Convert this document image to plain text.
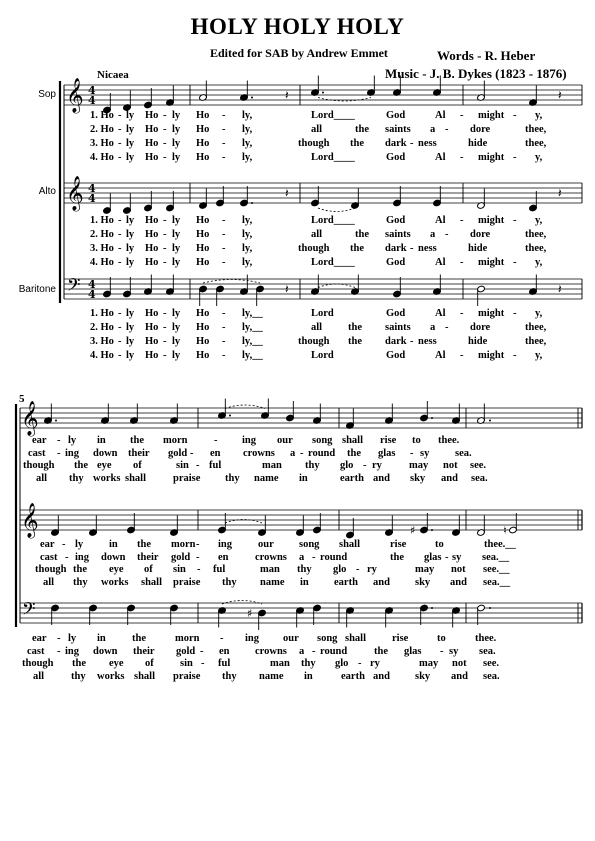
HOLY HOLY HOLY
Edited for SAB by Andrew Emmet	Words - R. Heber
Music - J. B. Dykes (1823 - 1876)
Nicaea
Sop
Alto
Baritone
5
𝄞
𝄞
𝄢
4
4
4
4
4
4
𝄽	𝄽
𝄽	𝄽
𝄽	𝄽
𝄞
𝄞
𝄢
♯	♮
♯
1. Ho - ly Ho - ly Ho - ly,	Lord____	God	Al - might - y,
2. Ho - ly Ho - ly Ho - ly,	all	the saints a - dore	thee,
3. Ho - ly Ho - ly Ho - ly,	though the dark - ness	hide	thee,
4. Ho - ly Ho - ly Ho - ly,	Lord____	God	Al - might - y,
1. Ho - ly Ho - ly Ho - ly,	Lord____	God	Al - might - y,
2. Ho - ly Ho - ly Ho - ly,	all	the saints a - dore	thee,
3. Ho - ly Ho - ly Ho - ly,	though the dark - ness	hide	thee,
4. Ho - ly Ho - ly Ho - ly,	Lord____	God	Al - might - y,
1. Ho - ly Ho - ly Ho - ly,__	Lord	God	Al - might - y,
2. Ho - ly Ho - ly Ho - ly,__	all the saints a - dore	thee,
3. Ho - ly Ho - ly Ho - ly,__	though the dark - ness	hide	thee,
4. Ho - ly Ho - ly Ho - ly,__	Lord	God	Al - might - y,
ear - ly in the morn	- ing our song shall rise to thee.
cast - ing down their gold - en crowns a - round the glas - sy sea.
though the eye of	sin - ful	man thy glo - ry	may not see.
all thy works shall	praise thy name in	earth and sky and sea.
ear - ly in the morn - ing our song shall	rise	to	thee.__
cast - ing down their gold - en	crowns a - round	the glas - sy sea.__
though the eye of sin - ful	man thy glo - ry	may not see.__
all thy works shall praise thy name in earth and sky and sea.__
ear - ly in the	morn - ing our song shall rise	to	thee.
cast - ing down their gold - en crowns a - round	the glas - sy sea.
though the eye of	sin - ful	man thy glo - ry	may not see.
all	thy works shall praise thy name in	earth and sky and sea.
